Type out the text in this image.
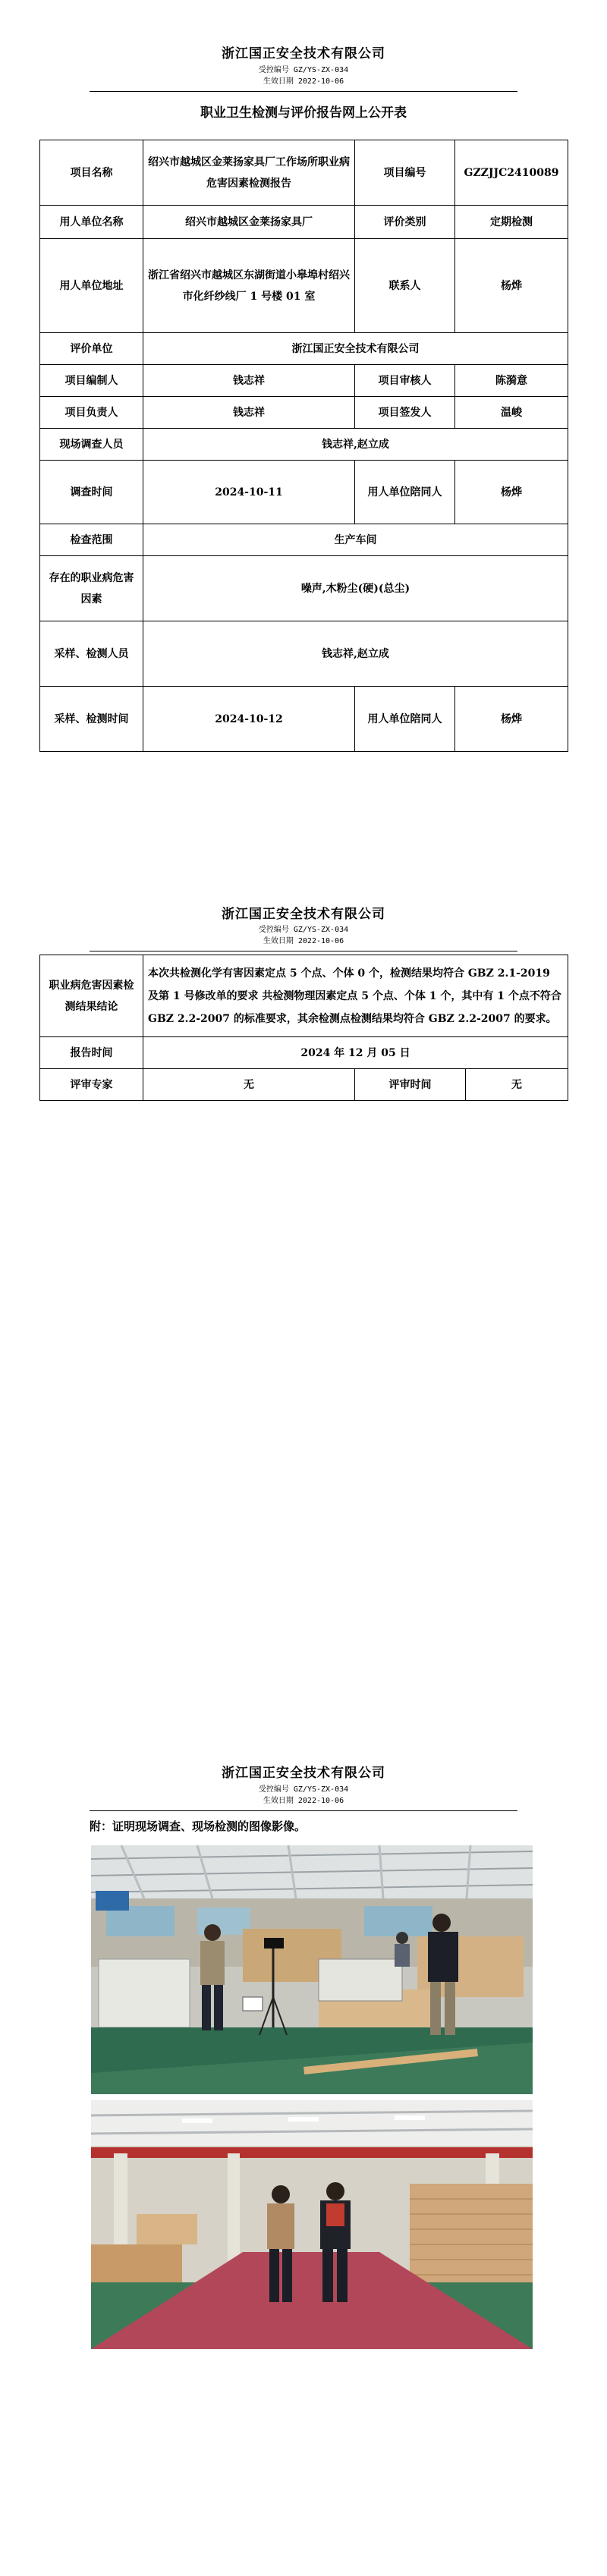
浙江国正安全技术有限公司
受控编号 GZ/YS-ZX-034
生效日期 2022-10-06
职业卫生检测与评价报告网上公开表
项目名称	绍兴市越城区金莱扬家具厂工作场所职业病危害因素检测报告	项目编号	GZZJJC2410089
用人单位名称	绍兴市越城区金莱扬家具厂	评价类别	定期检测
用人单位地址	浙江省绍兴市越城区东湖街道小皋埠村绍兴市化纤纱线厂 1 号楼 01 室	联系人	杨烨
评价单位	浙江国正安全技术有限公司		
项目编制人	钱志祥	项目审核人	陈漪意
项目负责人	钱志祥	项目签发人	温峻
现场调查人员	钱志祥,赵立成		
调查时间	2024-10-11	用人单位陪同人	杨烨
检查范围	生产车间		
存在的职业病危害因素	噪声,木粉尘(硬)(总尘)		
采样、检测人员	钱志祥,赵立成		
采样、检测时间	2024-10-12	用人单位陪同人	杨烨
浙江国正安全技术有限公司
受控编号 GZ/YS-ZX-034
生效日期 2022-10-06
职业病危害因素检测结果结论	本次共检测化学有害因素定点 5 个点、个体 0 个，检测结果均符合 GBZ 2.1-2019 及第 1 号修改单的要求 共检测物理因素定点 5 个点、个体 1 个，其中有 1 个点不符合 GBZ 2.2-2007 的标准要求，其余检测点检测结果均符合 GBZ 2.2-2007 的要求。		
报告时间	2024 年 12 月 05 日		
评审专家	无	评审时间	无
浙江国正安全技术有限公司
受控编号 GZ/YS-ZX-034
生效日期 2022-10-06
附：证明现场调查、现场检测的图像影像。
